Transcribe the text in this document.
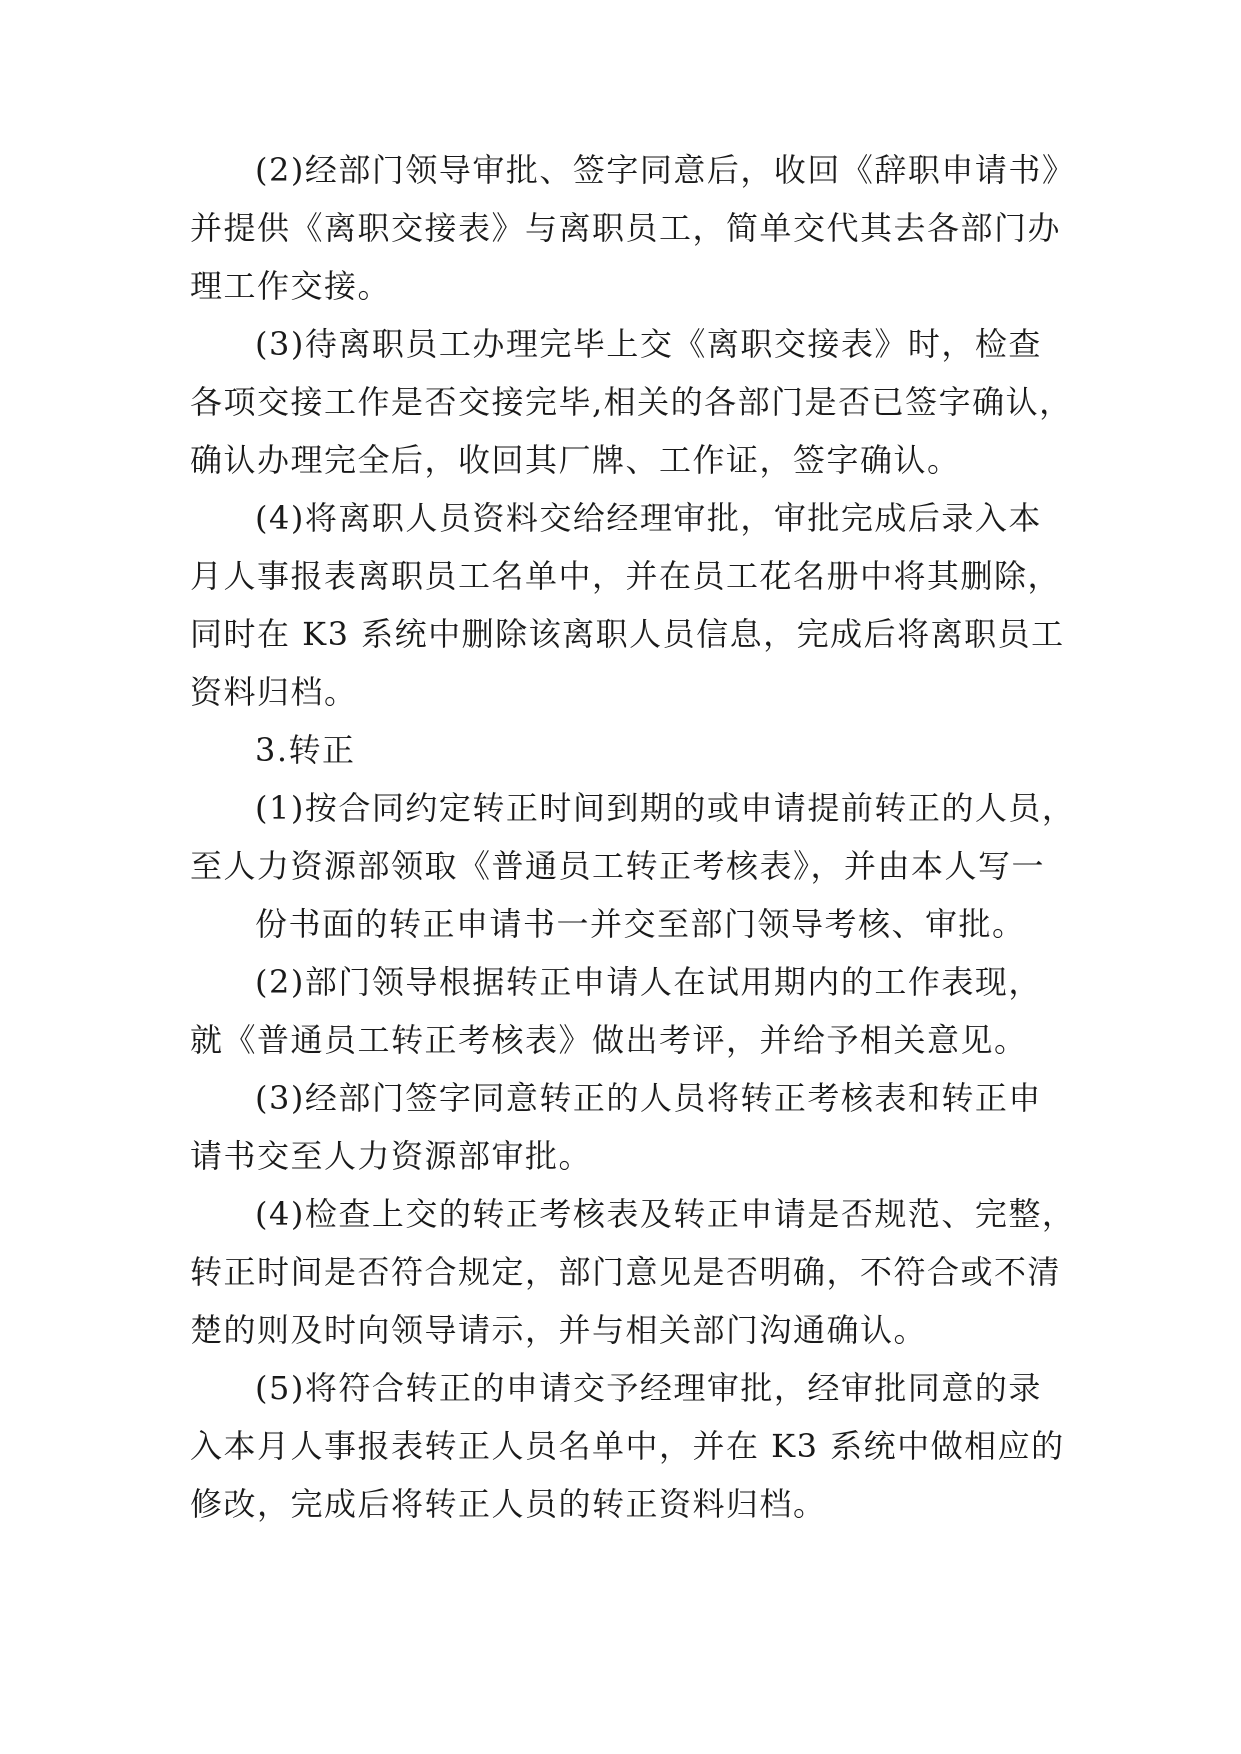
(2)经部门领导审批、签字同意后，收回《辞职申请书》
并提供《离职交接表》与离职员工，简单交代其去各部门办
理工作交接。
(3)待离职员工办理完毕上交《离职交接表》时，检查
各项交接工作是否交接完毕,相关的各部门是否已签字确认，
确认办理完全后，收回其厂牌、工作证，签字确认。
(4)将离职人员资料交给经理审批，审批完成后录入本
月人事报表离职员工名单中，并在员工花名册中将其删除，
同时在 K3 系统中删除该离职人员信息，完成后将离职员工
资料归档。
3.转正
(1)按合同约定转正时间到期的或申请提前转正的人员，
至人力资源部领取《普通员工转正考核表》，并由本人写一
份书面的转正申请书一并交至部门领导考核、审批。
(2)部门领导根据转正申请人在试用期内的工作表现，
就《普通员工转正考核表》做出考评，并给予相关意见。
(3)经部门签字同意转正的人员将转正考核表和转正申
请书交至人力资源部审批。
(4)检查上交的转正考核表及转正申请是否规范、完整，
转正时间是否符合规定，部门意见是否明确，不符合或不清
楚的则及时向领导请示，并与相关部门沟通确认。
(5)将符合转正的申请交予经理审批，经审批同意的录
入本月人事报表转正人员名单中，并在 K3 系统中做相应的
修改，完成后将转正人员的转正资料归档。
